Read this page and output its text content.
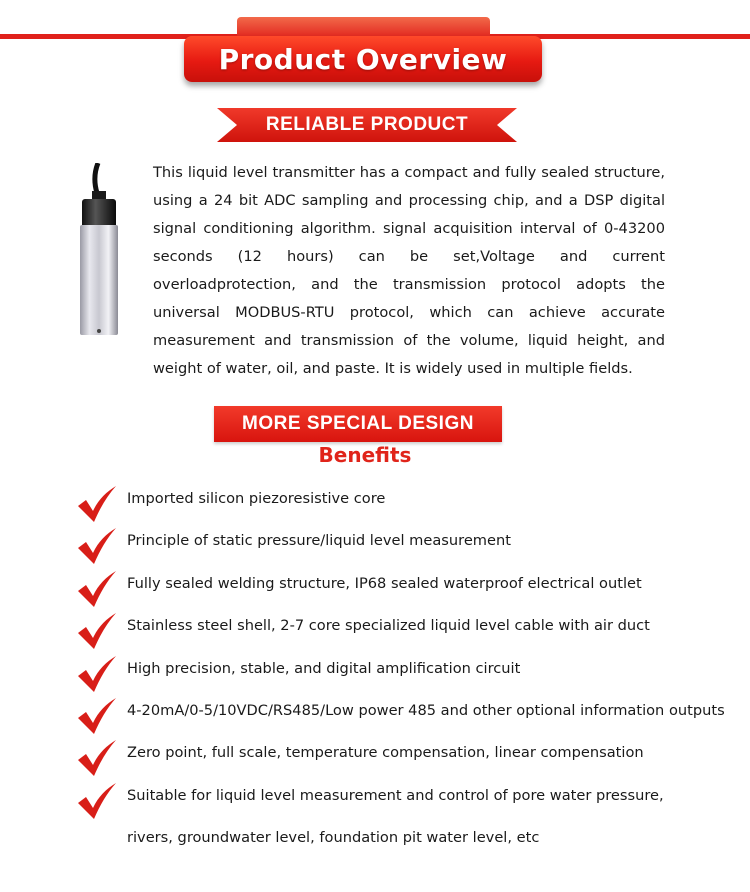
Product Overview
RELIABLE PRODUCT

This liquid level transmitter has a compact and fully sealed structure, using a 24 bit ADC sampling and processing chip, and a DSP digital signal conditioning algorithm. signal acquisition interval of 0-43200 seconds (12 hours) can be set,Voltage and current overloadprotection, and the transmission protocol adopts the universal MODBUS-RTU protocol, which can achieve accurate measurement and transmission of the volume, liquid height, and weight of water, oil, and paste. It is widely used in multiple fields.

MORE SPECIAL DESIGN
Benefits
Imported silicon piezoresistive core
Principle of static pressure/liquid level measurement
Fully sealed welding structure, IP68 sealed waterproof electrical outlet
Stainless steel shell, 2-7 core specialized liquid level cable with air duct
High precision, stable, and digital amplification circuit
4-20mA/0-5/10VDC/RS485/Low power 485 and other optional information outputs
Zero point, full scale, temperature compensation, linear compensation
Suitable for liquid level measurement and control of pore water pressure,
rivers, groundwater level, foundation pit water level, etc
